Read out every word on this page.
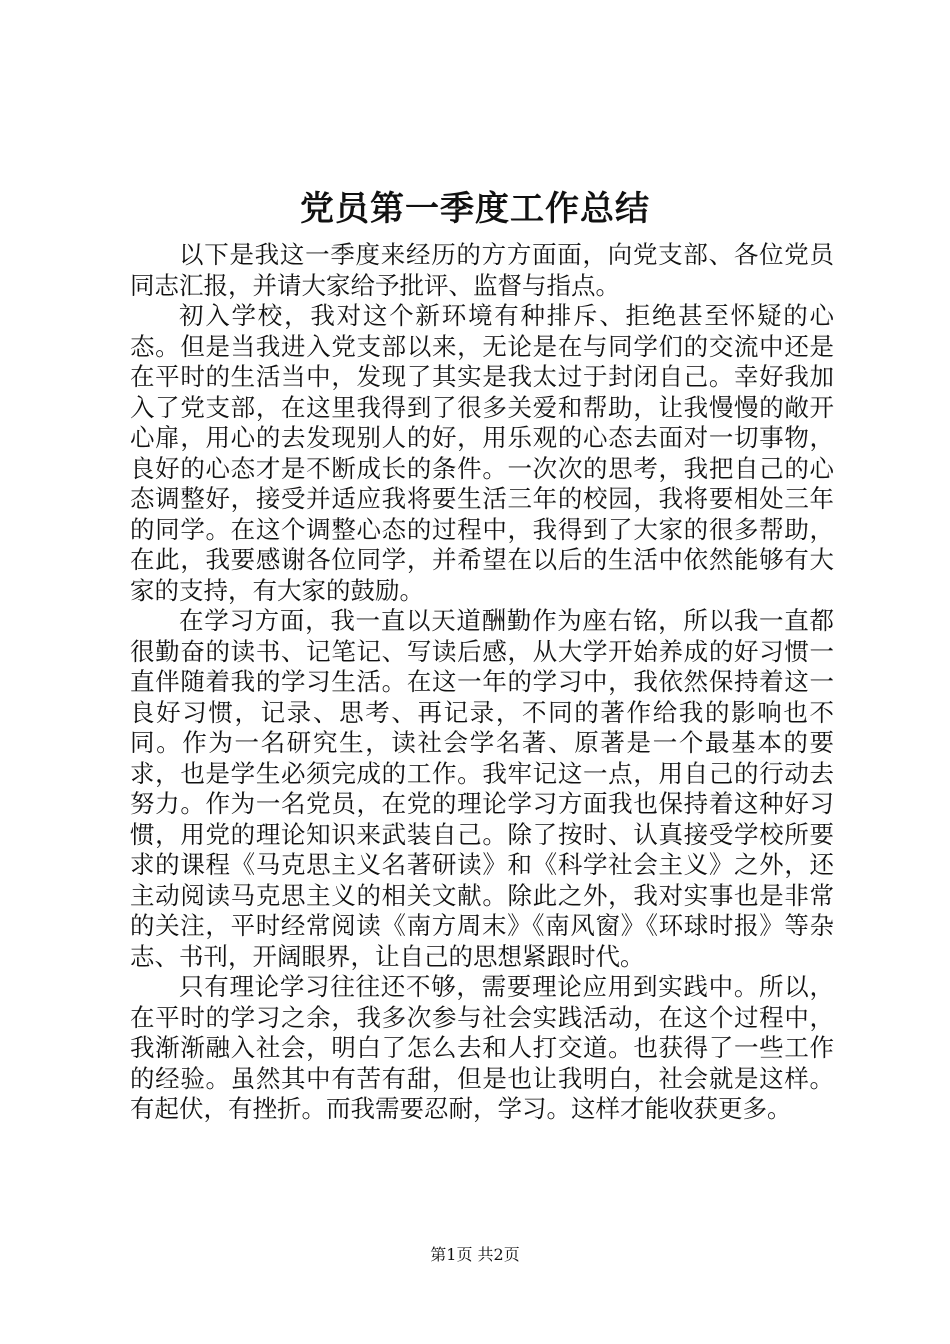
党员第一季度工作总结

以下是我这一季度来经历的方方面面，向党支部、各位党员同志汇报，并请大家给予批评、监督与指点。

初入学校，我对这个新环境有种排斥、拒绝甚至怀疑的心态。但是当我进入党支部以来，无论是在与同学们的交流中还是在平时的生活当中，发现了其实是我太过于封闭自己。幸好我加入了党支部，在这里我得到了很多关爱和帮助，让我慢慢的敞开心扉，用心的去发现别人的好，用乐观的心态去面对一切事物，良好的心态才是不断成长的条件。一次次的思考，我把自己的心态调整好，接受并适应我将要生活三年的校园，我将要相处三年的同学。在这个调整心态的过程中，我得到了大家的很多帮助，在此，我要感谢各位同学，并希望在以后的生活中依然能够有大家的支持，有大家的鼓励。

在学习方面，我一直以天道酬勤作为座右铭，所以我一直都很勤奋的读书、记笔记、写读后感，从大学开始养成的好习惯一直伴随着我的学习生活。在这一年的学习中，我依然保持着这一良好习惯，记录、思考、再记录，不同的著作给我的影响也不同。作为一名研究生，读社会学名著、原著是一个最基本的要求，也是学生必须完成的工作。我牢记这一点，用自己的行动去努力。作为一名党员，在党的理论学习方面我也保持着这种好习惯，用党的理论知识来武装自己。除了按时、认真接受学校所要求的课程《马克思主义名著研读》和《科学社会主义》之外，还主动阅读马克思主义的相关文献。除此之外，我对实事也是非常的关注，平时经常阅读《南方周末》《南风窗》《环球时报》等杂志、书刊，开阔眼界，让自己的思想紧跟时代。

只有理论学习往往还不够，需要理论应用到实践中。所以，在平时的学习之余，我多次参与社会实践活动，在这个过程中，我渐渐融入社会，明白了怎么去和人打交道。也获得了一些工作的经验。虽然其中有苦有甜，但是也让我明白，社会就是这样。有起伏，有挫折。而我需要忍耐，学习。这样才能收获更多。

第1页 共2页
